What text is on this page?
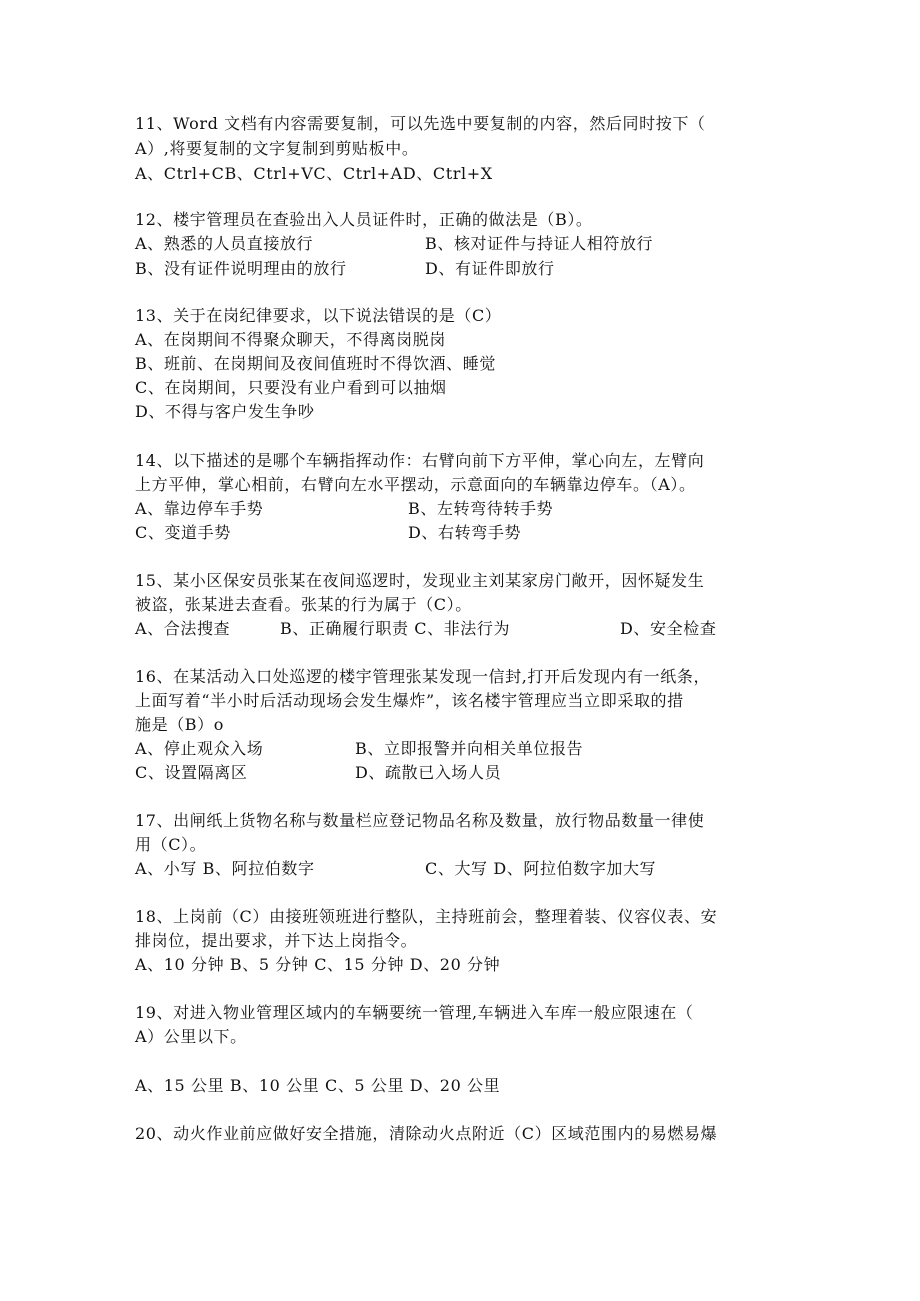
11、Word 文档有内容需要复制，可以先选中要复制的内容，然后同时按下（
A）,将要复制的文字复制到剪贴板中。
A、Ctrl+CB、Ctrl+VC、Ctrl+AD、Ctrl+X
12、楼宇管理员在查验出入人员证件时，正确的做法是（B）。
A、熟悉的人员直接放行	B、核对证件与持证人相符放行
B、没有证件说明理由的放行	D、有证件即放行
13、关于在岗纪律要求，以下说法错误的是（C）
A、在岗期间不得聚众聊天，不得离岗脱岗
B、班前、在岗期间及夜间值班时不得饮酒、睡觉
C、在岗期间，只要没有业户看到可以抽烟
D、不得与客户发生争吵
14、以下描述的是哪个车辆指挥动作：右臂向前下方平伸，掌心向左，左臂向
上方平伸，掌心相前，右臂向左水平摆动，示意面向的车辆靠边停车。（A）。
A、靠边停车手势	B、左转弯待转手势
C、变道手势	D、右转弯手势
15、某小区保安员张某在夜间巡逻时，发现业主刘某家房门敞开，因怀疑发生
被盗，张某进去查看。张某的行为属于（C）。
A、合法搜查	B、正确履行职责 C、非法行为	D、安全检查
16、在某活动入口处巡逻的楼宇管理张某发现一信封,打开后发现内有一纸条，
上面写着“半小时后活动现场会发生爆炸”，该名楼宇管理应当立即采取的措
施是（B）o
A、停止观众入场	B、立即报警并向相关单位报告
C、设置隔离区	D、疏散已入场人员
17、出闸纸上货物名称与数量栏应登记物品名称及数量，放行物品数量一律使
用（C）。
A、小写 B、阿拉伯数字	C、大写 D、阿拉伯数字加大写
18、上岗前（C）由接班领班进行整队，主持班前会，整理着装、仪容仪表、安
排岗位，提出要求，并下达上岗指令。
A、10 分钟 B、5 分钟 C、15 分钟 D、20 分钟
19、对进入物业管理区域内的车辆要统一管理,车辆进入车库一般应限速在（
A）公里以下。
A、15 公里 B、10 公里 C、5 公里 D、20 公里
20、动火作业前应做好安全措施，清除动火点附近（C）区域范围内的易燃易爆
